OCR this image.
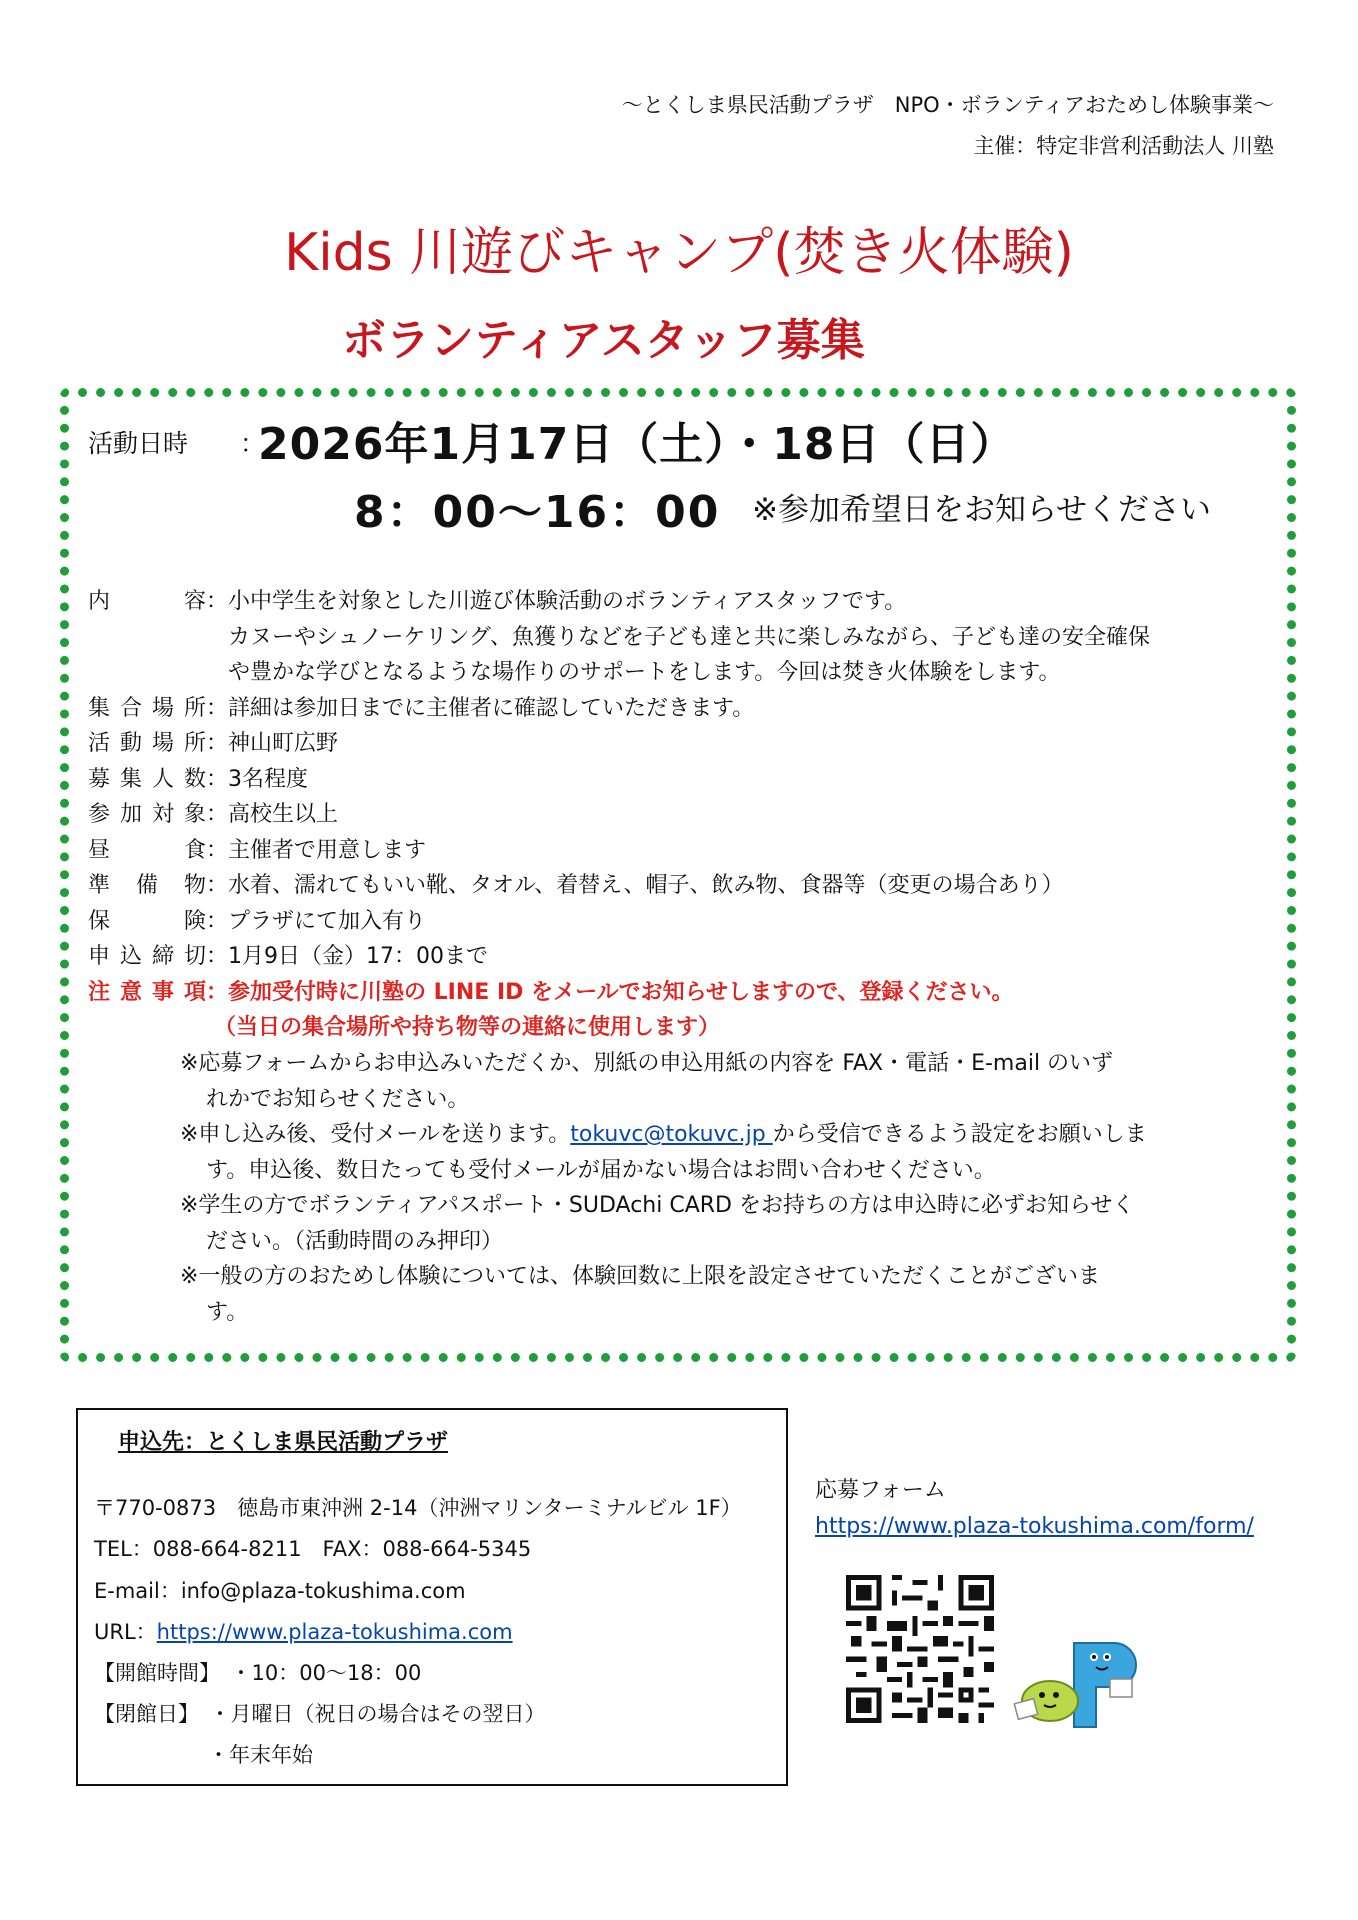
～とくしま県民活動プラザ　NPO・ボランティアおためし体験事業～
主催：特定非営利活動法人 川塾
Kids 川遊びキャンプ(焚き火体験)
ボランティアスタッフ募集
活動日時 ：
2026年1月17日（土）・18日（日）
8：00～16：00 ※参加希望日をお知らせください
内容 ： 小中学生を対象とした川遊び体験活動のボランティアスタッフです。
カヌーやシュノーケリング、魚獲りなどを子ども達と共に楽しみながら、子ども達の安全確保
や豊かな学びとなるような場作りのサポートをします。今回は焚き火体験をします。
集合場所 ： 詳細は参加日までに主催者に確認していただきます。
活動場所 ： 神山町広野
募集人数 ： 3名程度
参加対象 ： 高校生以上
昼食 ： 主催者で用意します
準備物 ： 水着、濡れてもいい靴、タオル、着替え、帽子、飲み物、食器等（変更の場合あり）
保険 ： プラザにて加入有り
申込締切 ： 1月9日（金）17：00まで
注意事項 ： 参加受付時に川塾の LINE ID をメールでお知らせしますので、登録ください。
（当日の集合場所や持ち物等の連絡に使用します）
※応募フォームからお申込みいただくか、別紙の申込用紙の内容を FAX・電話・E-mail のいず
れかでお知らせください。
※申し込み後、受付メールを送ります。tokuvc@tokuvc.jp から受信できるよう設定をお願いしま
す。申込後、数日たっても受付メールが届かない場合はお問い合わせください。
※学生の方でボランティアパスポート・SUDAchi CARD をお持ちの方は申込時に必ずお知らせく
ださい。（活動時間のみ押印）
※一般の方のおためし体験については、体験回数に上限を設定させていただくことがございま
す。
申込先：とくしま県民活動プラザ
〒770-0873　徳島市東沖洲 2-14（沖洲マリンターミナルビル 1F）
TEL：088-664-8211　FAX：088-664-5345
E-mail：info@plaza-tokushima.com
URL：https://www.plaza-tokushima.com
【開館時間】　・10：00～18：00
【閉館日】　・月曜日（祝日の場合はその翌日）
・年末年始
応募フォーム
https://www.plaza-tokushima.com/form/
